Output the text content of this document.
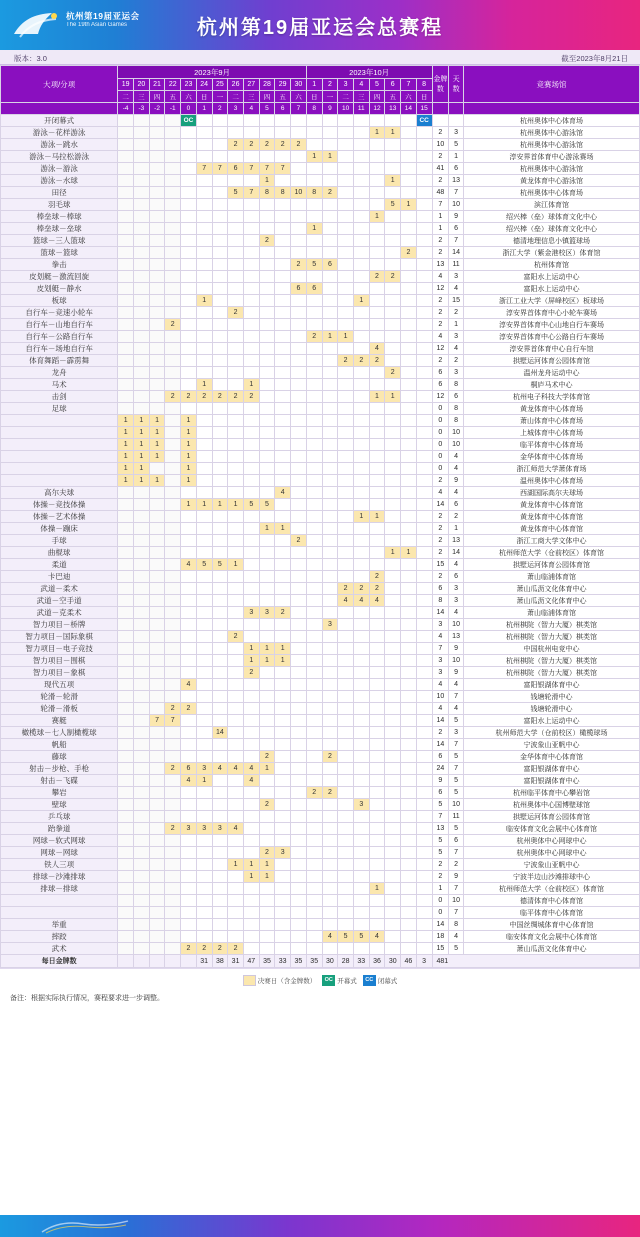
杭州第19届亚运会
The 19th Asian Games	杭州第19届亚运会总赛程
版本：3.0	截至2023年8月21日
大项/分项	2023年9月												2023年10月								金牌数	天数	竞赛场馆
	19	20	21	22	23	24	25	26	27	28	29	30	1	2	3	4	5	6	7	8			
	二	三	四	五	六	日	一	二	三	四	五	六	日	一	二	三	四	五	六	日			
	-4	-3	-2	-1	0	1	2	3	4	5	6	7	8	9	10	11	12	13	14	15			
开闭幕式					OC															CC			杭州奥体中心体育场
游泳－花样游泳																	1	1			2	3	杭州奥体中心游泳馆
游泳－跳水								2	2	2	2	2									10	5	杭州奥体中心游泳馆
游泳－马拉松游泳													1	1							2	1	淳安界首体育中心游泳赛场
游泳－游泳						7	7	6	7	7	7										41	6	杭州奥体中心游泳馆
游泳－水球										1								1			2	13	黄龙体育中心游泳馆
田径								5	7	8	8	10	8	2							48	7	杭州奥体中心体育场
羽毛球																		5	1		7	10	滨江体育馆
棒垒球－棒球																	1				1	9	绍兴棒（垒）球体育文化中心
棒垒球－垒球													1								1	6	绍兴棒（垒）球体育文化中心
篮球－三人篮球										2											2	7	德清地理信息小镇篮球场
篮球－篮球																			2		2	14	浙江大学（紫金港校区）体育馆
拳击												2	5	6							13	11	杭州体育馆
皮划艇－激流回旋																	2	2			4	3	富阳水上运动中心
皮划艇－静水												6	6								12	4	富阳水上运动中心
板球						1										1					2	15	浙江工业大学（屏峰校区）板球场
自行车－竞速小轮车								2													2	2	淳安界首体育中心小轮车赛场
自行车－山地自行车				2																	2	1	淳安界首体育中心山地自行车赛场
自行车－公路自行车													2	1	1						4	3	淳安界首体育中心公路自行车赛场
自行车－场地自行车																	4				12	4	淳安界首体育中心自行车馆
体育舞蹈－霹雳舞															2	2	2				2	2	拱墅运河体育公园体育馆
龙舟																		2			6	3	温州龙舟运动中心
马术						1			1												6	8	桐庐马术中心
击剑				2	2	2	2	2	2								1	1			12	6	杭州电子科技大学体育馆
足球																					0	8	黄龙体育中心体育场
	1	1	1		1																0	8	萧山体育中心体育场
	1	1	1		1																0	10	上城体育中心体育场
	1	1	1		1																0	10	临平体育中心体育场
	1	1	1		1																0	4	金华体育中心体育场
	1	1			1																0	4	浙江师范大学萧体育场
	1	1	1		1																2	9	温州奥体中心体育场
高尔夫球											4										4	4	西湖国际高尔夫球场
体操－竞技体操					1	1	1	1	5	5											14	6	黄龙体育中心体育馆
体操－艺术体操																1	1				2	2	黄龙体育中心体育馆
体操－蹦床										1	1										2	1	黄龙体育中心体育馆
手球												2									2	13	浙江工商大学文体中心
曲棍球																		1	1		2	14	杭州师范大学（仓前校区）体育馆
柔道					4	5	5	1													15	4	拱墅运河体育公园体育馆
卡巴迪																	2				2	6	萧山临浦体育馆
武道－柔术															2	2	2				6	3	萧山瓜沥文化体育中心
武道－空手道															4	4	4				8	3	萧山瓜沥文化体育中心
武道－克柔术									3	3	2										14	4	萧山临浦体育馆
智力项目－桥牌														3							3	10	杭州棋院（智力大厦）棋类馆
智力项目－国际象棋								2													4	13	杭州棋院（智力大厦）棋类馆
智力项目－电子竞技									1	1	1										7	9	中国杭州电竞中心
智力项目－围棋									1	1	1										3	10	杭州棋院（智力大厦）棋类馆
智力项目－象棋									2												3	9	杭州棋院（智力大厦）棋类馆
现代五项					4																4	4	富阳银湖体育中心
轮滑－轮滑																					10	7	钱塘轮滑中心
轮滑－滑板				2	2																4	4	钱塘轮滑中心
赛艇			7	7																	14	5	富阳水上运动中心
橄榄球－七人制橄榄球							14														2	3	杭州师范大学（仓前校区）橄榄球场
帆船																					14	7	宁波象山亚帆中心
藤球										2				2							6	5	金华体育中心体育馆
射击－步枪、手枪				2	6	3	4	4	4	1											24	7	富阳银湖体育中心
射击－飞碟					4	1			4												9	5	富阳银湖体育中心
攀岩													2	2							6	5	杭州临平体育中心攀岩馆
壁球										2						3					5	10	杭州奥体中心国博壁球馆
乒乓球																					7	11	拱墅运河体育公园体育馆
跆拳道				2	3	3	3	4													13	5	临安体育文化会展中心体育馆
网球－软式网球																					5	6	杭州奥体中心网球中心
网球－网球										2	3										5	7	杭州奥体中心网球中心
铁人三项								1	1	1											2	2	宁波象山亚帆中心
排球－沙滩排球									1	1											2	9	宁波半边山沙滩排球中心
排球－排球																	1				1	7	杭州师范大学（仓前校区）体育馆
																					0	10	德清体育中心体育馆
																					0	7	临平体育中心体育馆
举重																					14	8	中国丝绸城体育中心体育馆
摔跤														4	5	5	4				18	4	临安体育文化会展中心体育馆
武术					2	2	2	2													15	5	萧山瓜沥文化体育中心
每日金牌数						31	38	31	47	35	33	35	35	30	28	33	36	30	46	3	481		
决赛日（含金牌数）	OC 开幕式	CC 闭幕式
备注：根据实际执行情况，赛程要求进一步调整。
